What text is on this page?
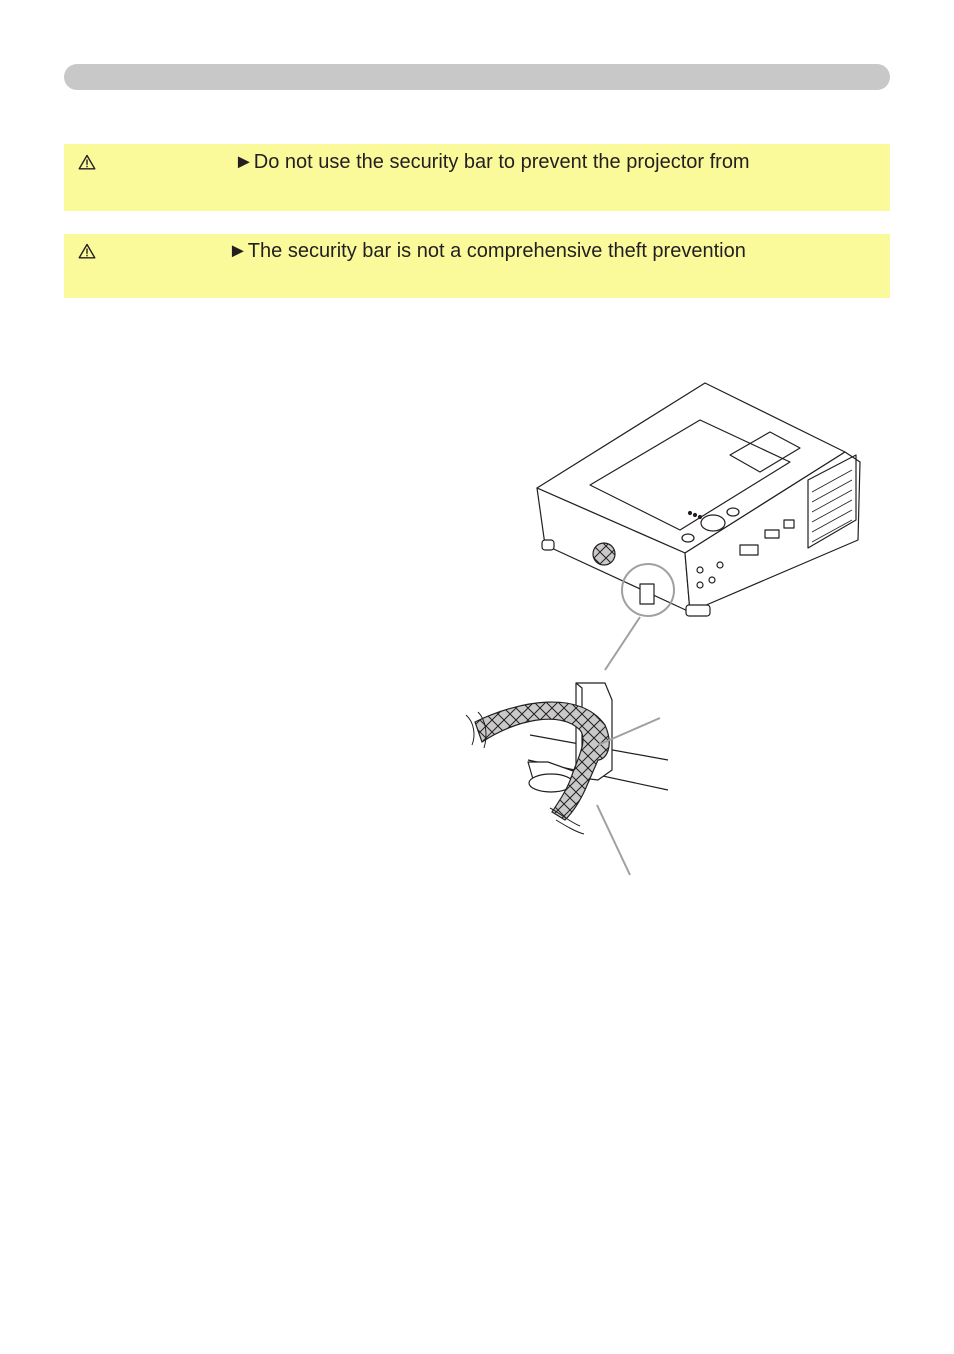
►Do not use the security bar to prevent the projector from
►The security bar is not a comprehensive theft prevention
